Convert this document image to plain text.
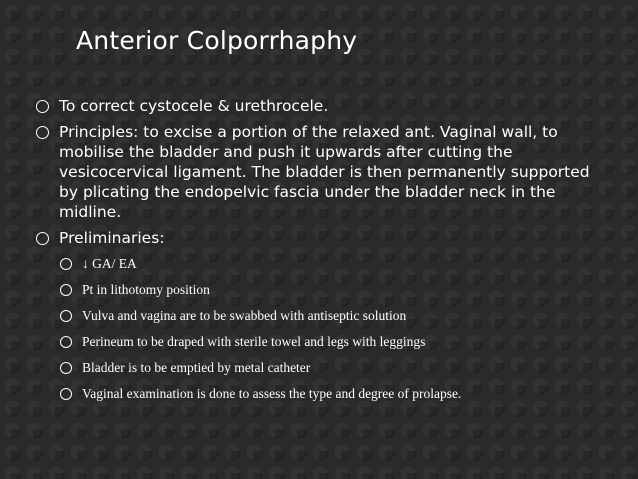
Anterior Colporrhaphy
To correct cystocele & urethrocele.
Principles: to excise a portion of the relaxed ant. Vaginal wall, to mobilise the bladder and push it upwards after cutting the vesicocervical ligament. The bladder is then permanently supported by plicating the endopelvic fascia under the bladder neck in the midline.
Preliminaries:
↓ GA/ EA
Pt in lithotomy position
Vulva and vagina are to be swabbed with antiseptic solution
Perineum to be draped with sterile towel and legs with leggings
Bladder is to be emptied by metal catheter
Vaginal examination is done to assess the type and degree of prolapse.
